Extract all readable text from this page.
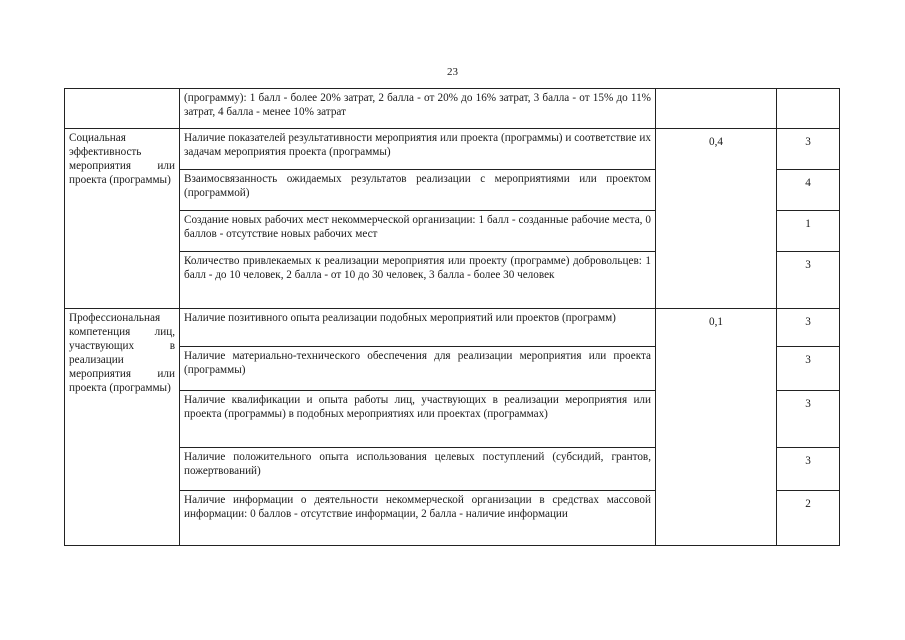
23
	(программу): 1 балл - более 20% затрат, 2 балла - от 20% до 16% затрат, 3 балла - от 15% до 11% затрат, 4 балла - менее 10% затрат		
Социальная эффективность мероприятия или проекта (программы)	Наличие показателей результативности мероприятия или проекта (программы) и соответствие их задачам мероприятия проекта (программы)	0,4	3
	Взаимосвязанность ожидаемых результатов реализации с мероприятиями или проектом (программой)		4
	Создание новых рабочих мест некоммерческой организации: 1 балл - созданные рабочие места, 0 баллов - отсутствие новых рабочих мест		1
	Количество привлекаемых к реализации мероприятия или проекту (программе) добровольцев: 1 балл - до 10 человек, 2 балла - от 10 до 30 человек, 3 балла - более 30 человек		3
Профессиональная компетенция лиц, участвующих в реализации мероприятия или проекта (программы)	Наличие позитивного опыта реализации подобных мероприятий или проектов (программ)	0,1	3
	Наличие материально-технического обеспечения для реализации мероприятия или проекта (программы)		3
	Наличие квалификации и опыта работы лиц, участвующих в реализации мероприятия или проекта (программы) в подобных мероприятиях или проектах (программах)		3
	Наличие положительного опыта использования целевых поступлений (субсидий, грантов, пожертвований)		3
	Наличие информации о деятельности некоммерческой организации в средствах массовой информации: 0 баллов - отсутствие информации, 2 балла - наличие информации		2
